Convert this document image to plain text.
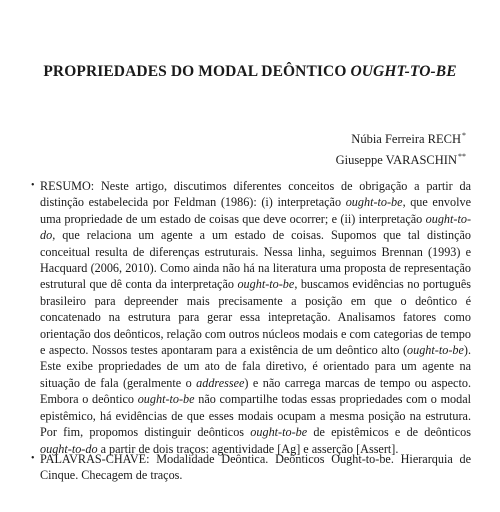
PROPRIEDADES DO MODAL DEÔNTICO OUGHT-TO-BE
Núbia Ferreira RECH*
Giuseppe VARASCHIN**
• RESUMO: Neste artigo, discutimos diferentes conceitos de obrigação a partir da distinção estabelecida por Feldman (1986): (i) interpretação ought-to-be, que envolve uma propriedade de um estado de coisas que deve ocorrer; e (ii) interpretação ought-to-do, que relaciona um agente a um estado de coisas. Supomos que tal distinção conceitual resulta de diferenças estruturais. Nessa linha, seguimos Brennan (1993) e Hacquard (2006, 2010). Como ainda não há na literatura uma proposta de representação estrutural que dê conta da interpretação ought-to-be, buscamos evidências no português brasileiro para depreender mais precisamente a posição em que o deôntico é concatenado na estrutura para gerar essa intepretação. Analisamos fatores como orientação dos deônticos, relação com outros núcleos modais e com categorias de tempo e aspecto. Nossos testes apontaram para a existência de um deôntico alto (ought-to-be). Este exibe propriedades de um ato de fala diretivo, é orientado para um agente na situação de fala (geralmente o addressee) e não carrega marcas de tempo ou aspecto. Embora o deôntico ought-to-be não compartilhe todas essas propriedades com o modal epistêmico, há evidências de que esses modais ocupam a mesma posição na estrutura. Por fim, propomos distinguir deônticos ought-to-be de epistêmicos e de deônticos ought-to-do a partir de dois traços: agentividade [Ag] e asserção [Assert].

• PALAVRAS-CHAVE: Modalidade Deôntica. Deônticos Ought-to-be. Hierarquia de Cinque. Checagem de traços.
